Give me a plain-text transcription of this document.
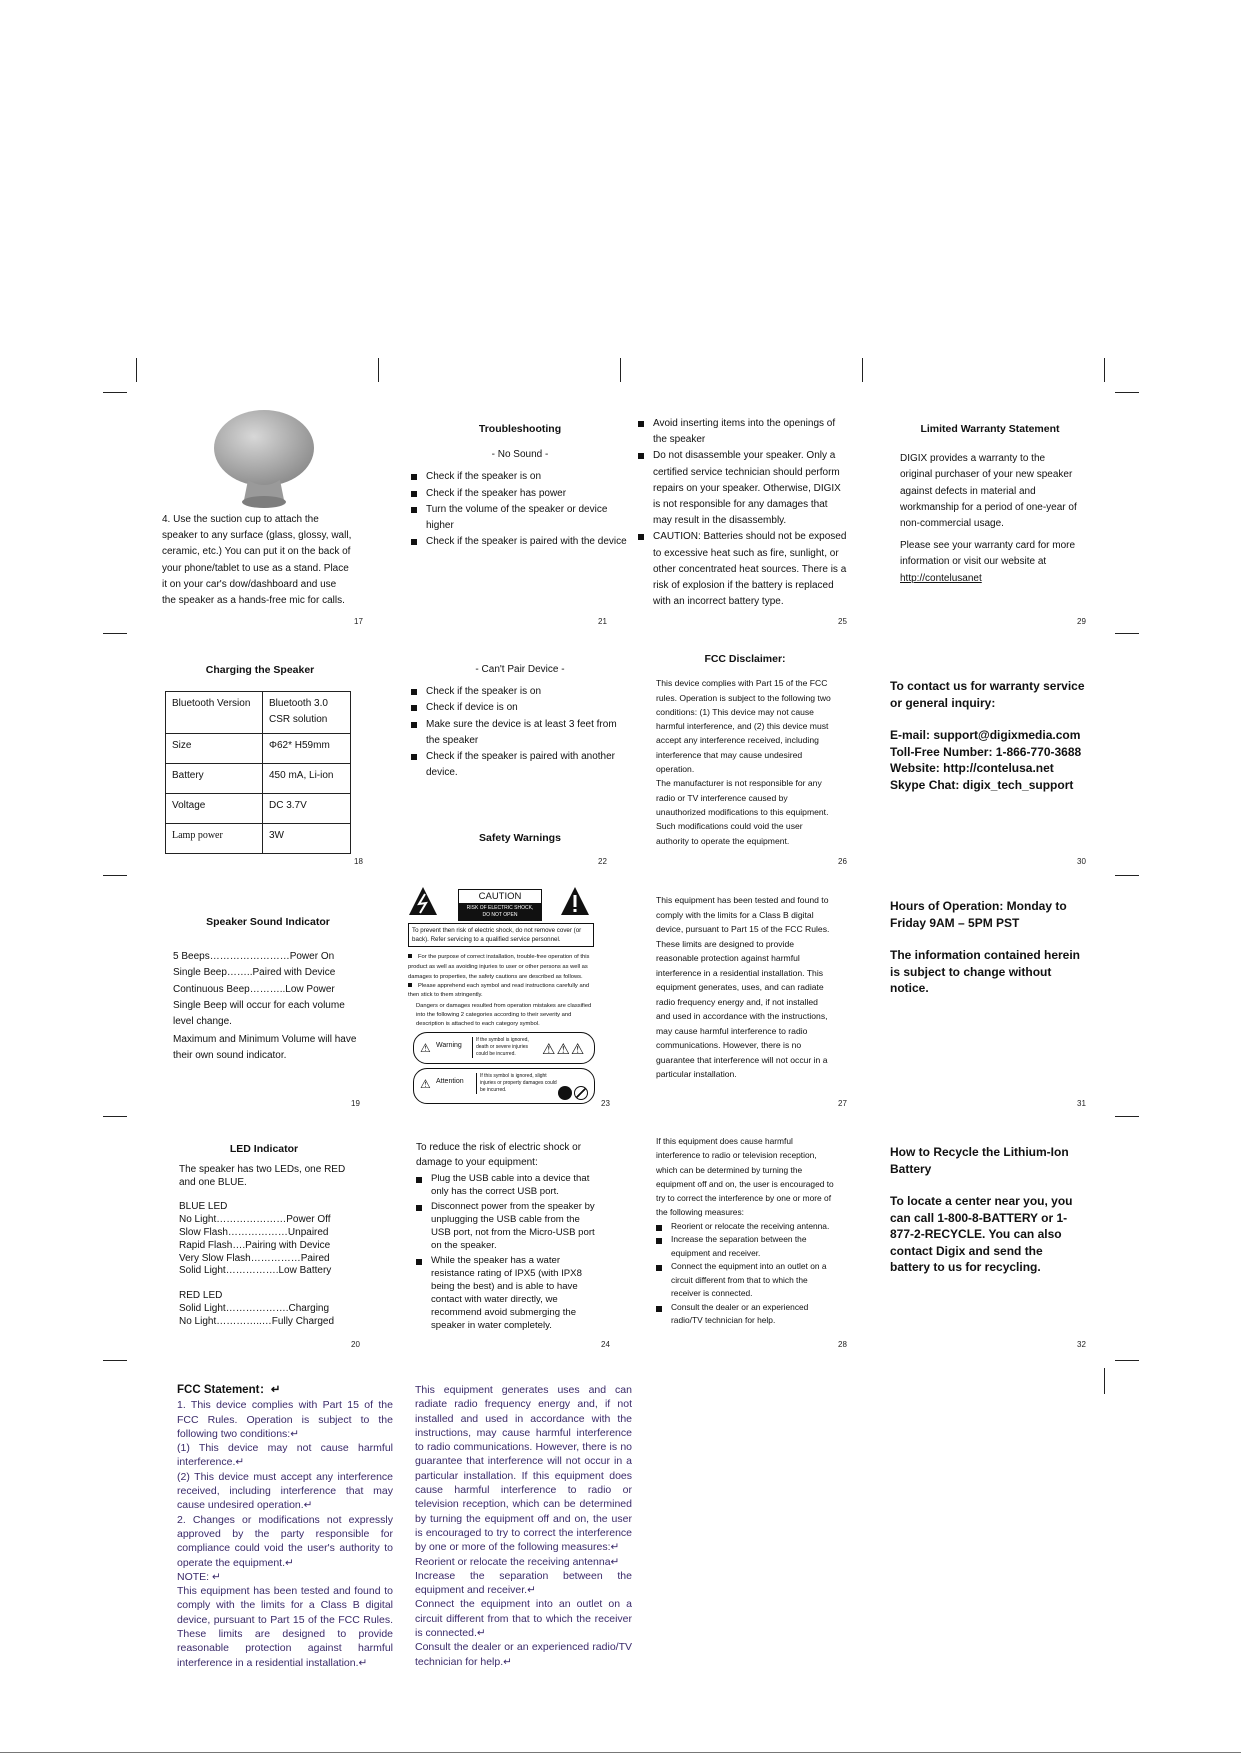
4. Use the suction cup to attach the speaker to any surface (glass, glossy, wall, ceramic, etc.) You can put it on the back of your phone/tablet to use as a stand. Place it on your car's dow/dashboard and use the speaker as a hands-free mic for calls.
17
Troubleshooting
- No Sound -
Check if the speaker is on
Check if the speaker has power
Turn the volume of the speaker or device higher
Check if the speaker is paired with the device
21
Avoid inserting items into the openings of the speaker
Do not disassemble your speaker. Only a certified service technician should perform repairs on your speaker. Otherwise, DIGIX is not responsible for any damages that may result in the disassembly.
CAUTION: Batteries should not be exposed to excessive heat such as fire, sunlight, or other concentrated heat sources. There is a risk of explosion if the battery is replaced with an incorrect battery type.
25
Limited Warranty Statement
DIGIX provides a warranty to the original purchaser of your new speaker against defects in material and workmanship for a period of one-year of non-commercial usage.
Please see your warranty card for more information or visit our website at http://contelusanet
29
Charging the Speaker
Bluetooth Version	Bluetooth 3.0 CSR solution
Size	Φ62* H59mm
Battery	450 mA, Li-ion
Voltage	DC 3.7V
Lamp power	3W
18
- Can't Pair Device -
Check if the speaker is on
Check if device is on
Make sure the device is at least 3 feet from the speaker
Check if the speaker is paired with another device.
Safety Warnings
22
FCC Disclaimer:
This device complies with Part 15 of the FCC rules. Operation is subject to the following two conditions: (1) This device may not cause harmful interference, and (2) this device must accept any interference received, including interference that may cause undesired operation.
The manufacturer is not responsible for any radio or TV interference caused by unauthorized modifications to this equipment. Such modifications could void the user authority to operate the equipment.
26
To contact us for warranty service or general inquiry:
E-mail: support@digixmedia.com
Toll-Free Number: 1-866-770-3688
Website: http://contelusa.net
Skype Chat: digix_tech_support
30
Speaker Sound Indicator
5 Beeps……………………Power On
Single Beep……..Paired with Device
Continuous Beep………..Low Power
Single Beep will occur for each volume level change.
Maximum and Minimum Volume will have their own sound indicator.
19
CAUTION
RISK OF ELECTRIC SHOCK, DO NOT OPEN
To prevent then risk of electric shock, do not remove cover (or back). Refer servicing to a qualified service personnel.
For the purpose of correct installation, trouble-free operation of this product as well as avoiding injuries to user or other persons as well as damages to properties, the safety cautions are described as follows.
Please apprehend each symbol and read instructions carefully and then stick to them stringently.
Dangers or damages resulted from operation mistakes are classified into the following 2 categories according to their severity and description is attached to each category symbol.
⚠ Warning
If the symbol is ignored, death or severe injuries could be incurred.	⚠⚠⚠
⚠ Attention
If this symbol is ignored, slight injuries or property damages could be incurred.
23
This equipment has been tested and found to comply with the limits for a Class B digital device, pursuant to Part 15 of the FCC Rules. These limits are designed to provide reasonable protection against harmful interference in a residential installation. This equipment generates, uses, and can radiate radio frequency energy and, if not installed and used in accordance with the instructions, may cause harmful interference to radio communications. However, there is no guarantee that interference will not occur in a particular installation.
27
Hours of Operation: Monday to Friday 9AM – 5PM PST
The information contained herein is subject to change without notice.
31
LED Indicator
The speaker has two LEDs, one RED and one BLUE.
BLUE LED
No Light…………………Power Off
Slow Flash………………Unpaired
Rapid Flash….Pairing with Device
Very Slow Flash……………Paired
Solid Light…………….Low Battery
RED LED
Solid Light……………….Charging
No Light…………..…Fully Charged
20
To reduce the risk of electric shock or damage to your equipment:
Plug the USB cable into a device that only has the correct USB port.
Disconnect power from the speaker by unplugging the USB cable from the USB port, not from the Micro-USB port on the speaker.
While the speaker has a water resistance rating of IPX5 (with IPX8 being the best) and is able to have contact with water directly, we recommend avoid submerging the speaker in water completely.
24
If this equipment does cause harmful interference to radio or television reception, which can be determined by turning the equipment off and on, the user is encouraged to try to correct the interference by one or more of the following measures:
Reorient or relocate the receiving antenna.
Increase the separation between the equipment and receiver.
Connect the equipment into an outlet on a circuit different from that to which the receiver is connected.
Consult the dealer or an experienced radio/TV technician for help.
28
How to Recycle the Lithium-Ion Battery
To locate a center near you, you can call 1-800-8-BATTERY or 1-877-2-RECYCLE. You can also contact Digix and send the battery to us for recycling.
32
FCC Statement：↵
1. This device complies with Part 15 of the FCC Rules. Operation is subject to the following two conditions:↵
(1) This device may not cause harmful interference.↵
(2) This device must accept any interference received, including interference that may cause undesired operation.↵
2. Changes or modifications not expressly approved by the party responsible for compliance could void the user's authority to operate the equipment.↵
NOTE: ↵
This equipment has been tested and found to comply with the limits for a Class B digital device, pursuant to Part 15 of the FCC Rules. These limits are designed to provide reasonable protection against harmful interference in a residential installation.↵
This equipment generates uses and can radiate radio frequency energy and, if not installed and used in accordance with the instructions, may cause harmful interference to radio communications. However, there is no guarantee that interference will not occur in a particular installation. If this equipment does cause harmful interference to radio or television reception, which can be determined by turning the equipment off and on, the user is encouraged to try to correct the interference by one or more of the following measures:↵
Reorient or relocate the receiving antenna↵
Increase the separation between the equipment and receiver.↵
Connect the equipment into an outlet on a circuit different from that to which the receiver is connected.↵
Consult the dealer or an experienced radio/TV technician for help.↵
